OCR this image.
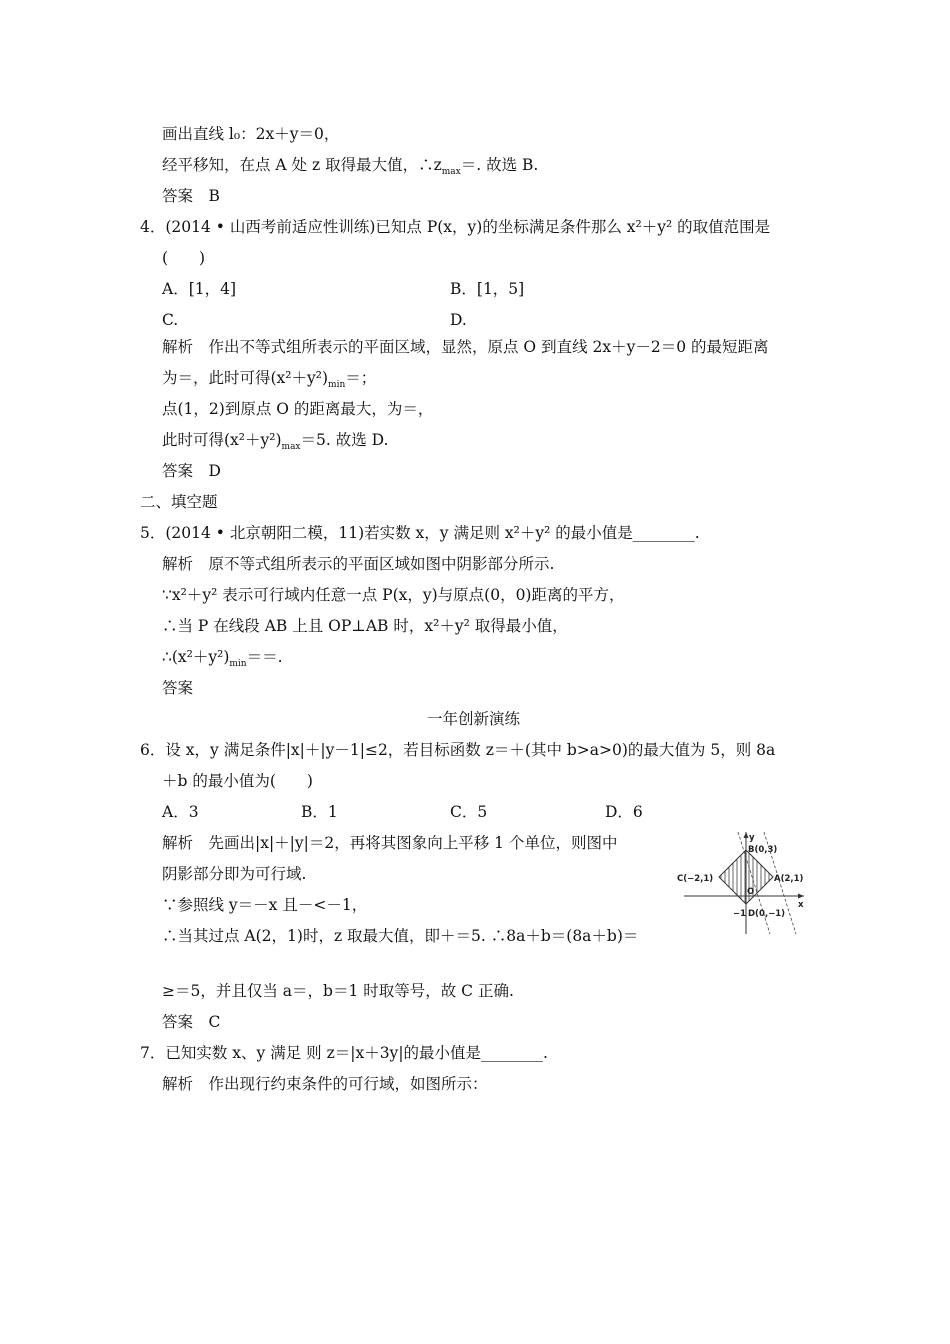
画出直线 l₀：2x＋y＝0，
经平移知，在点 A 处 z 取得最大值，$\therefore z_{max}=$. 故选 B.
答案　B
4．(2014 • 山西考前适应性训练)已知点 P(x，y)的坐标满足条件那么 x²＋y² 的取值范围是
(　　)
A．[1，4]	B．[1，5]
C.	D.
解析　作出不等式组所表示的平面区域，显然，原点 O 到直线 2x＋y－2＝0 的最短距离
为＝，此时可得$(x^2+y^2)_{min}=$；
点(1，2)到原点 O 的距离最大，为＝，
此时可得$(x^2+y^2)_{max}=5$. 故选 D.
答案　D
二、填空题
5．(2014 • 北京朝阳二模，11)若实数 x，y 满足则 x²＋y² 的最小值是________.
解析　原不等式组所表示的平面区域如图中阴影部分所示.
∵x²＋y² 表示可行域内任意一点 P(x，y)与原点(0，0)距离的平方，
∴当 P 在线段 AB 上且 OP⊥AB 时，x²＋y² 取得最小值，
$\therefore(x^2+y^2)_{min}==$.
答案
一年创新演练
6．设 x，y 满足条件|x|＋|y－1|≤2，若目标函数 z＝＋(其中 b>a>0)的最大值为 5，则 8a
＋b 的最小值为(　　)
A．3	B．1	C．5	D．6
解析　先画出|x|＋|y|＝2，再将其图象向上平移 1 个单位，则图中
阴影部分即为可行域.
∵参照线 y＝－x 且－<－1，
∴当其过点 A(2，1)时，z 取最大值，即＋＝5. ∴8a＋b＝(8a＋b)＝
≥＝5，并且仅当 a＝，b＝1 时取等号，故 C 正确.
答案　C
7．已知实数 x、y 满足 则 z＝|x＋3y|的最小值是________.
解析　作出现行约束条件的可行域，如图所示：
y
x
B(0,3)
A(2,1)
C(−2,1)
D(0,−1)
O
−1
